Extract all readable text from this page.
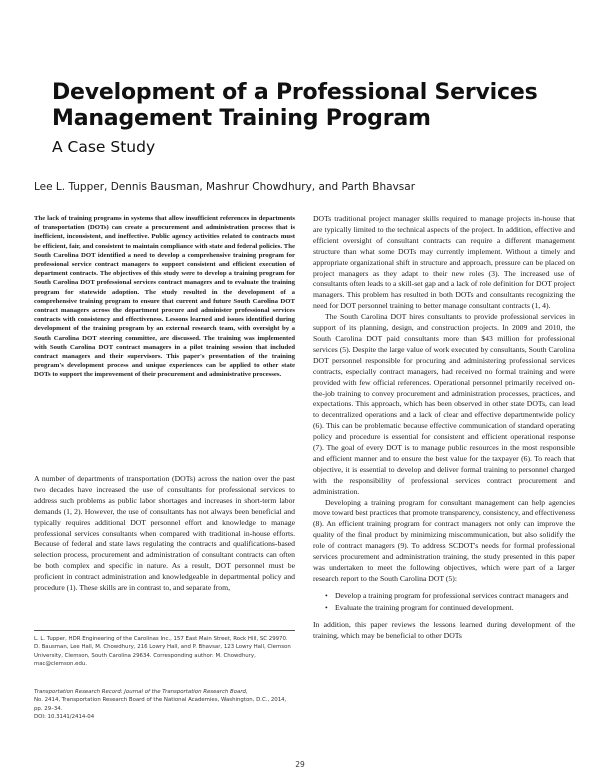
Development of a Professional Services
Management Training Program
A Case Study
Lee L. Tupper, Dennis Bausman, Mashrur Chowdhury, and Parth Bhavsar
The lack of training programs in systems that allow insufficient references in departments of transportation (DOTs) can create a procurement and administration process that is inefficient, inconsistent, and ineffective. Public agency activities related to contracts must be efficient, fair, and consistent to maintain compliance with state and federal policies. The South Carolina DOT identified a need to develop a comprehensive training program for professional service contract managers to support consistent and efficient execution of department contracts. The objectives of this study were to develop a training program for South Carolina DOT professional services contract managers and to evaluate the training program for statewide adoption. The study resulted in the development of a comprehensive training program to ensure that current and future South Carolina DOT contract managers across the department procure and administer professional services contracts with consistency and effectiveness. Lessons learned and issues identified during development of the training program by an external research team, with oversight by a South Carolina DOT steering committee, are discussed. The training was implemented with South Carolina DOT contract managers in a pilot training session that included contract managers and their supervisors. This paper's presentation of the training program's development process and unique experiences can be applied to other state DOTs to support the improvement of their procurement and administrative processes.

A number of departments of transportation (DOTs) across the nation over the past two decades have increased the use of consultants for professional services to address such problems as public labor shortages and increases in short-term labor demands (1, 2). However, the use of consultants has not always been beneficial and typically requires additional DOT personnel effort and knowledge to manage professional services consultants when compared with traditional in-house efforts. Because of federal and state laws regulating the contracts and qualifications-based selection process, procurement and administration of consultant contracts can often be both complex and specific in nature. As a result, DOT personnel must be proficient in contract administration and knowledgeable in departmental policy and procedure (1). These skills are in contrast to, and separate from,

L. L. Tupper, HDR Engineering of the Carolinas Inc., 157 East Main Street, Rock Hill, SC 29970. D. Bausman, Lee Hall, M. Chowdhury, 216 Lowry Hall, and P. Bhavsar, 123 Lowry Hall, Clemson University, Clemson, South Carolina 29634. Corresponding author: M. Chowdhury, mac@clemson.edu.
Transportation Research Record: Journal of the Transportation Research Board,
No. 2414, Transportation Research Board of the National Academies, Washington, D.C., 2014, pp. 29–34.
DOI: 10.3141/2414-04

DOTs traditional project manager skills required to manage projects in-house that are typically limited to the technical aspects of the project. In addition, effective and efficient oversight of consultant contracts can require a different management structure than what some DOTs may currently implement. Without a timely and appropriate organizational shift in structure and approach, pressure can be placed on project managers as they adapt to their new roles (3). The increased use of consultants often leads to a skill-set gap and a lack of role definition for DOT project managers. This problem has resulted in both DOTs and consultants recognizing the need for DOT personnel training to better manage consultant contracts (1, 4).

The South Carolina DOT hires consultants to provide professional services in support of its planning, design, and construction projects. In 2009 and 2010, the South Carolina DOT paid consultants more than $43 million for professional services (5). Despite the large value of work executed by consultants, South Carolina DOT personnel responsible for procuring and administering professional services contracts, especially contract managers, had received no formal training and were provided with few official references. Operational personnel primarily received on-the-job training to convey procurement and administration processes, practices, and expectations. This approach, which has been observed in other state DOTs, can lead to decentralized operations and a lack of clear and effective departmentwide policy (6). This can be problematic because effective communication of standard operating policy and procedure is essential for consistent and efficient operational response (7). The goal of every DOT is to manage public resources in the most responsible and efficient manner and to ensure the best value for the taxpayer (6). To reach that objective, it is essential to develop and deliver formal training to personnel charged with the responsibility of professional services contract procurement and administration.

Developing a training program for consultant management can help agencies move toward best practices that promote transparency, consistency, and effectiveness (8). An efficient training program for contract managers not only can improve the quality of the final product by minimizing miscommunication, but also solidify the role of contract managers (9). To address SCDOT's needs for formal professional services procurement and administration training, the study presented in this paper was undertaken to meet the following objectives, which were part of a larger research report to the South Carolina DOT (5):

• Develop a training program for professional services contract managers and
• Evaluate the training program for continued development.

In addition, this paper reviews the lessons learned during development of the training, which may be beneficial to other DOTs

29
